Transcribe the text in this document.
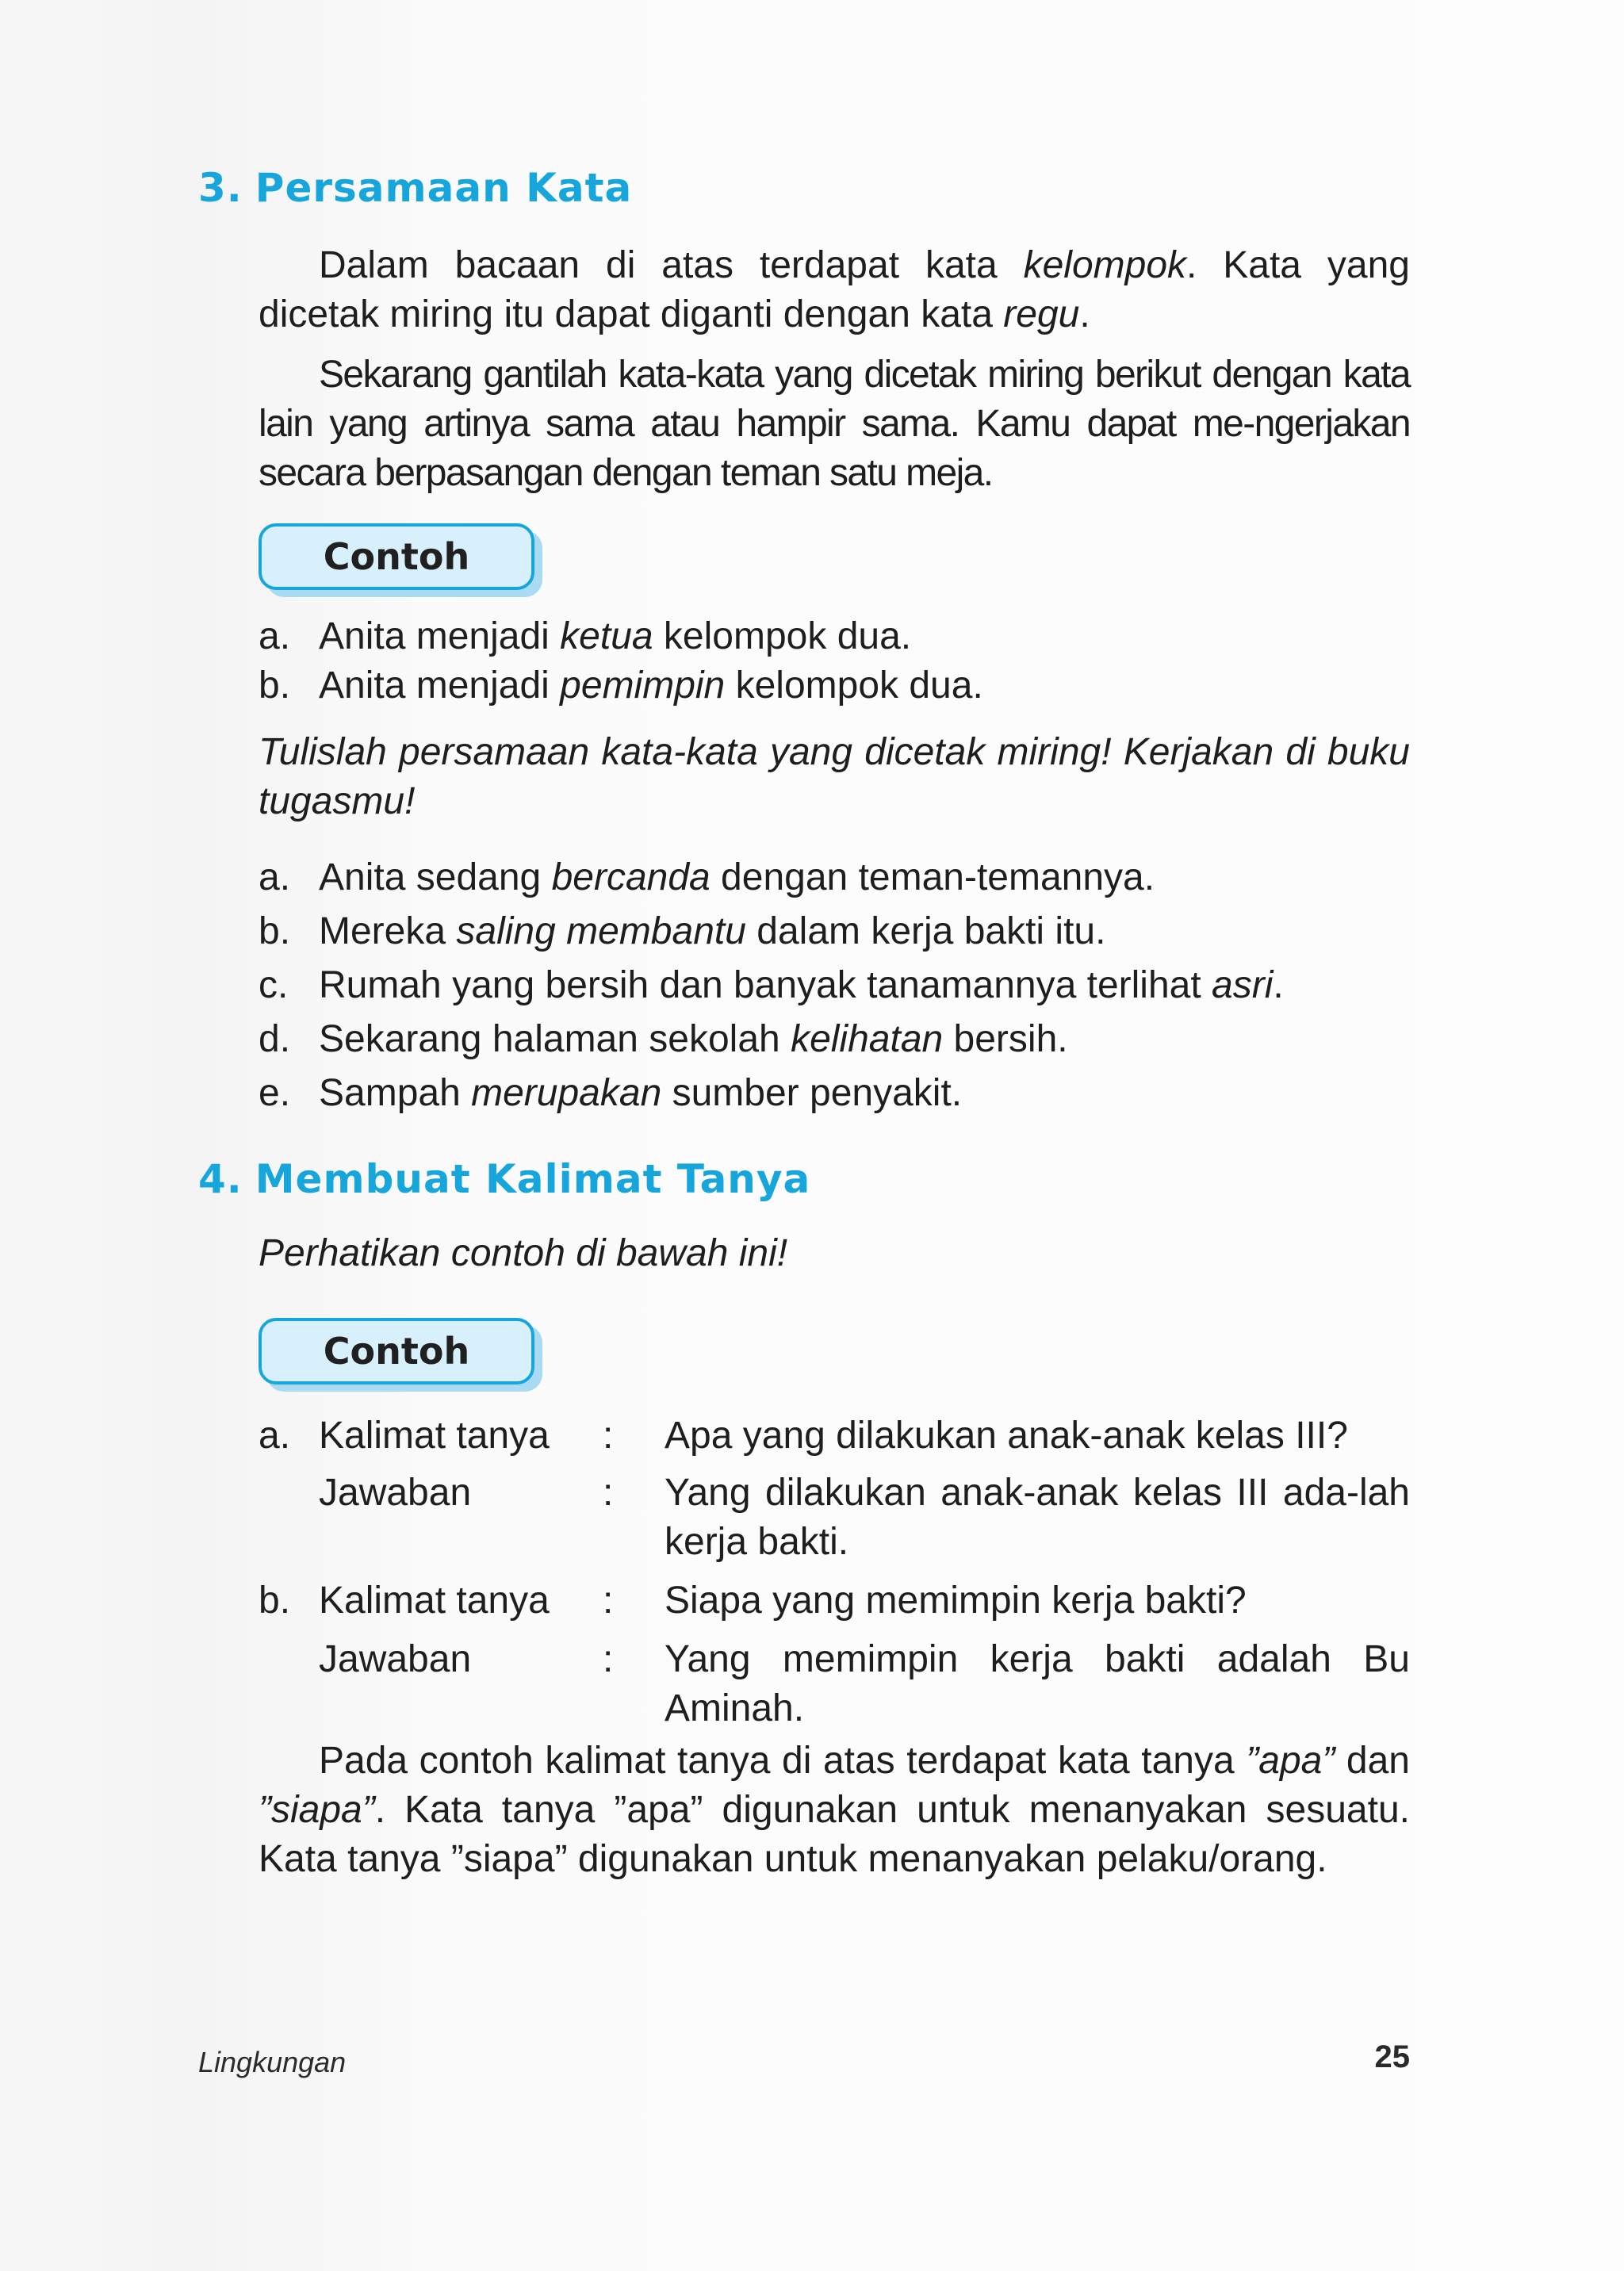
3. Persamaan Kata

Dalam bacaan di atas terdapat kata kelompok. Kata yang dicetak miring itu dapat diganti dengan kata regu.

Sekarang gantilah kata-kata yang dicetak miring berikut dengan kata lain yang artinya sama atau hampir sama. Kamu dapat me-ngerjakan secara berpasangan dengan teman satu meja.

Contoh

a. Anita menjadi ketua kelompok dua.

b. Anita menjadi pemimpin kelompok dua.

Tulislah persamaan kata-kata yang dicetak miring! Kerjakan di buku tugasmu!

a. Anita sedang bercanda dengan teman-temannya.

b. Mereka saling membantu dalam kerja bakti itu.

c. Rumah yang bersih dan banyak tanamannya terlihat asri.

d. Sekarang halaman sekolah kelihatan bersih.

e. Sampah merupakan sumber penyakit.

4. Membuat Kalimat Tanya

Perhatikan contoh di bawah ini!

Contoh
a. Kalimat tanya : Apa yang dilakukan anak-anak kelas III?
Jawaban	: Yang dilakukan anak-anak kelas III ada-lah kerja bakti.
b. Kalimat tanya : Siapa yang memimpin kerja bakti?
Jawaban	: Yang memimpin kerja bakti adalah Bu Aminah.

Pada contoh kalimat tanya di atas terdapat kata tanya ”apa” dan ”siapa”. Kata tanya ”apa” digunakan untuk menanyakan sesuatu. Kata tanya ”siapa” digunakan untuk menanyakan pelaku/orang.

Lingkungan	25
